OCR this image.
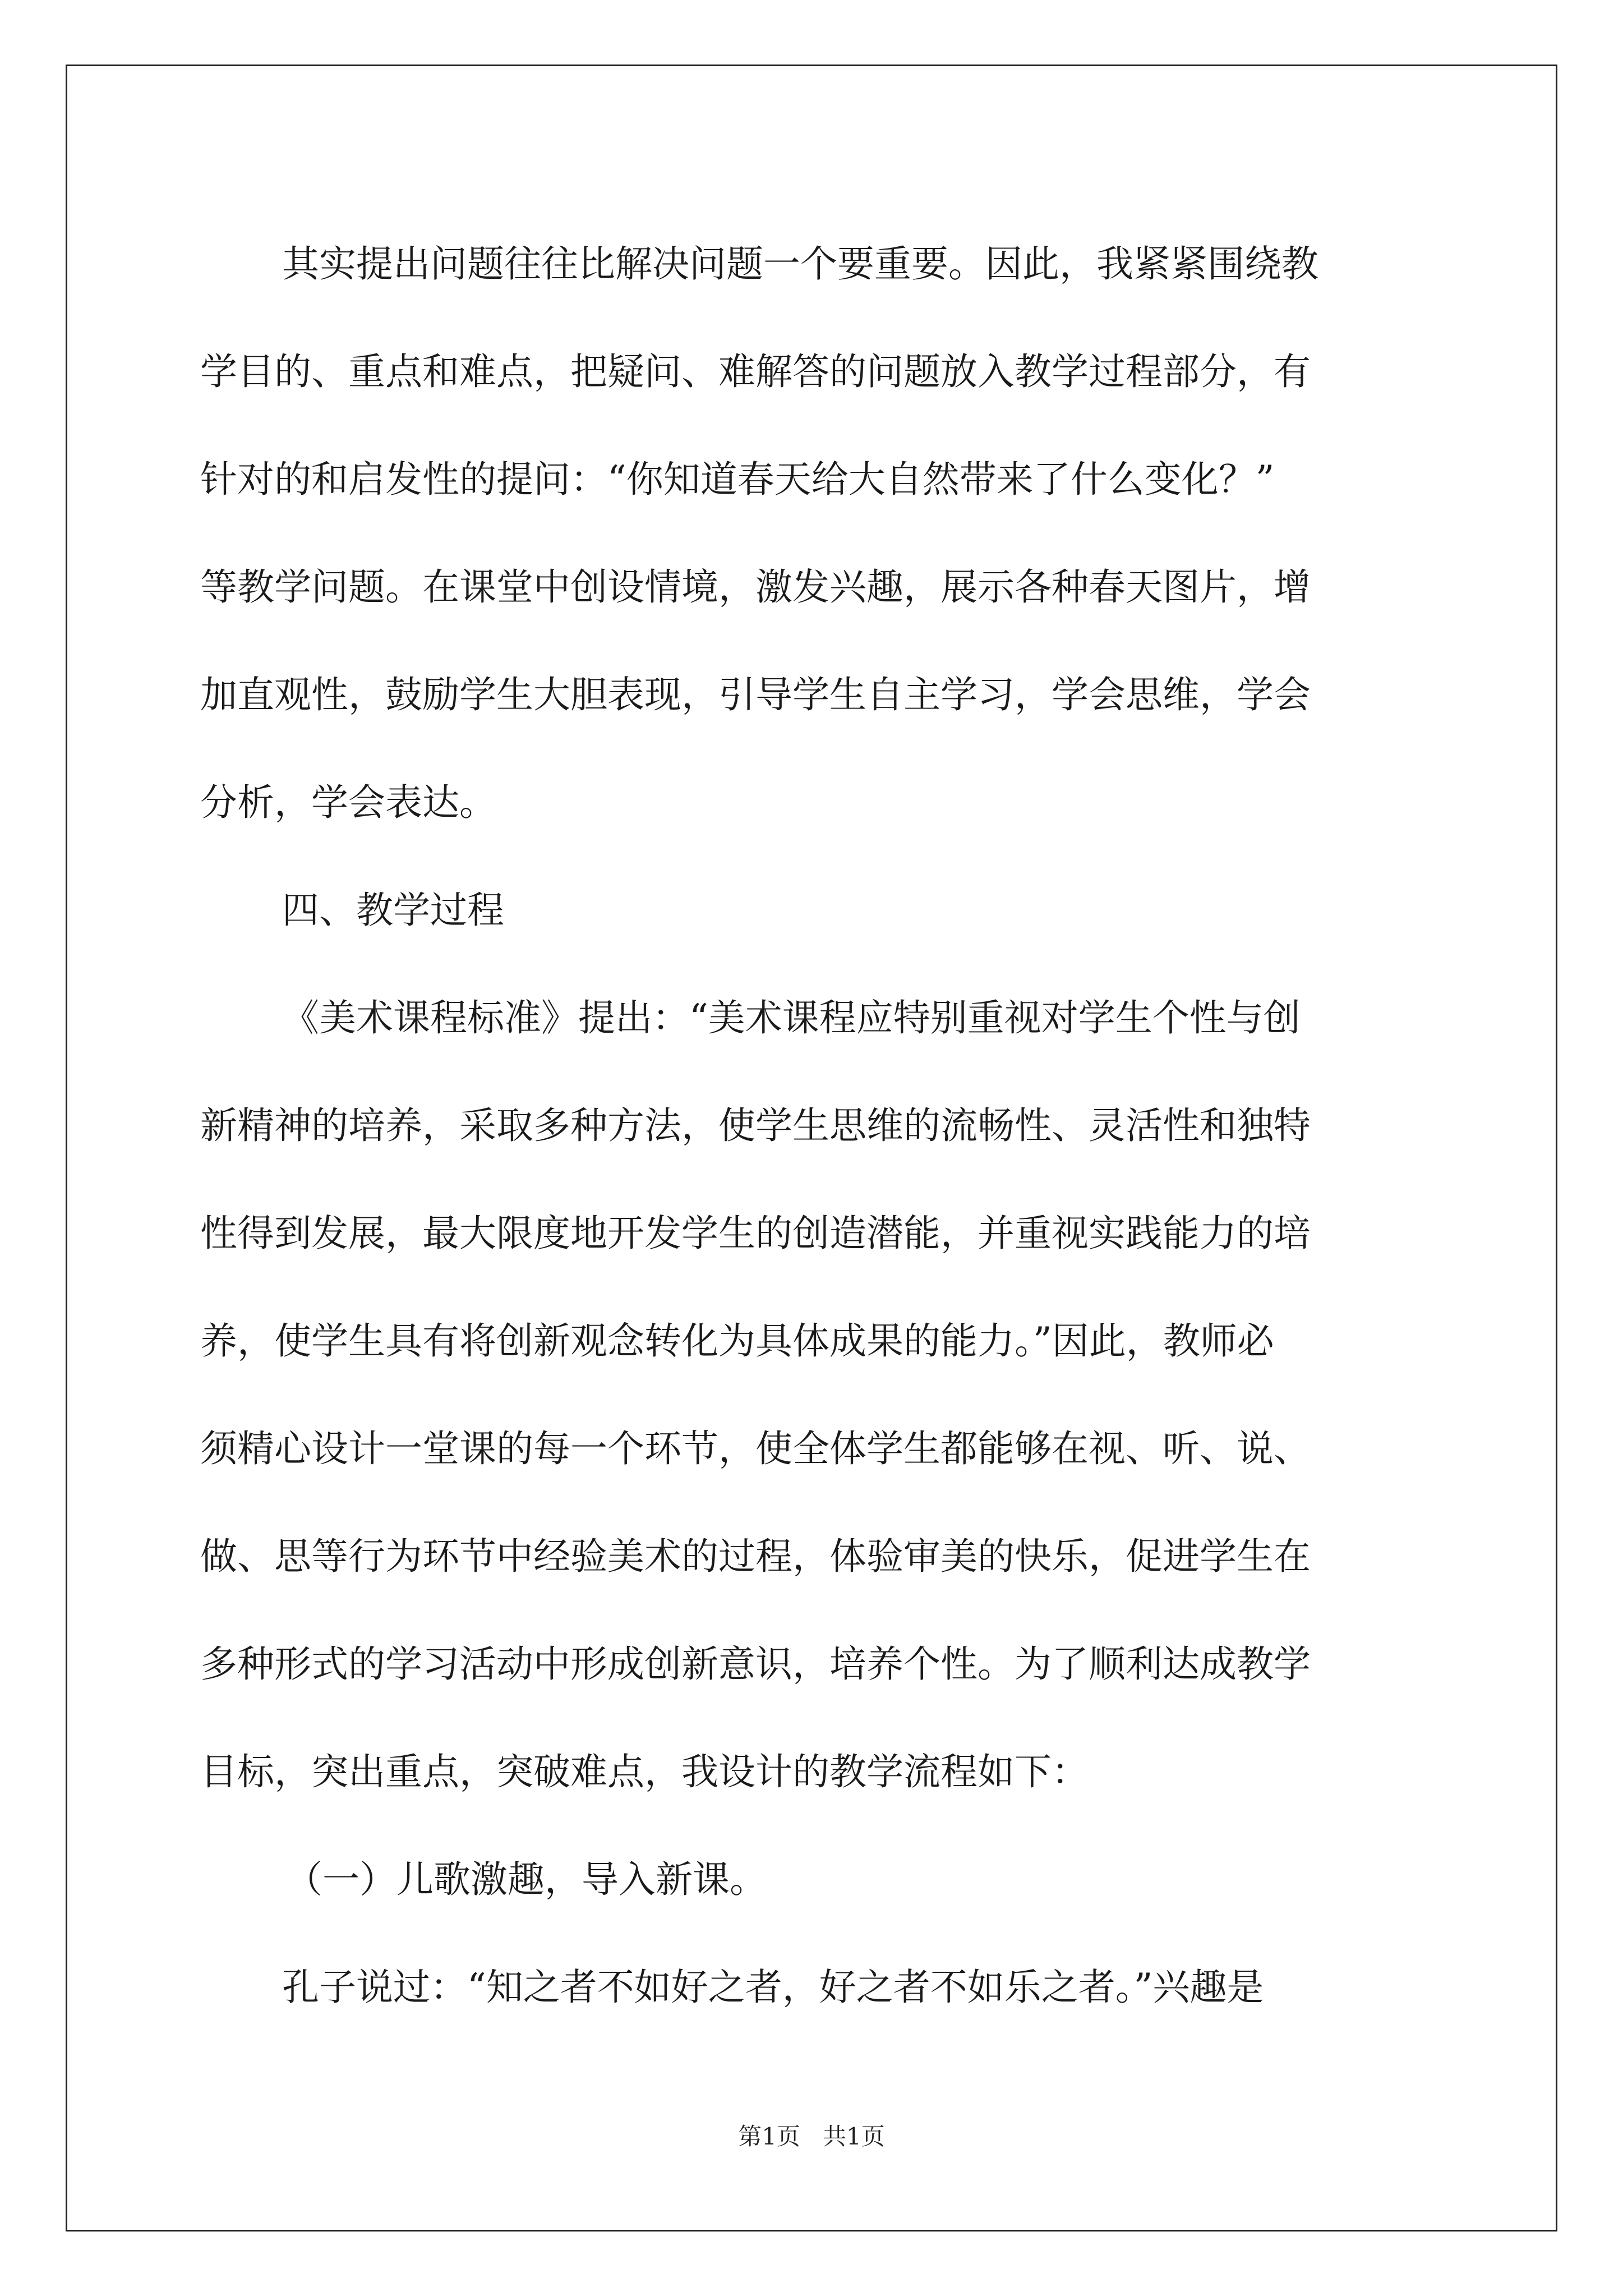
其实提出问题往往比解决问题一个要重要。因此，我紧紧围绕教
学目的、重点和难点，把疑问、难解答的问题放入教学过程部分，有
针对的和启发性的提问：“你知道春天给大自然带来了什么变化？”
等教学问题。在课堂中创设情境，激发兴趣，展示各种春天图片，增
加直观性，鼓励学生大胆表现，引导学生自主学习，学会思维，学会
分析，学会表达。
四、教学过程
《美术课程标准》提出：“美术课程应特别重视对学生个性与创
新精神的培养，采取多种方法，使学生思维的流畅性、灵活性和独特
性得到发展，最大限度地开发学生的创造潜能，并重视实践能力的培
养，使学生具有将创新观念转化为具体成果的能力。”因此，教师必
须精心设计一堂课的每一个环节，使全体学生都能够在视、听、说、
做、思等行为环节中经验美术的过程，体验审美的快乐，促进学生在
多种形式的学习活动中形成创新意识，培养个性。为了顺利达成教学
目标，突出重点，突破难点，我设计的教学流程如下：
（一）儿歌激趣，导入新课。
孔子说过：“知之者不如好之者，好之者不如乐之者。”兴趣是
第1页   共1页
